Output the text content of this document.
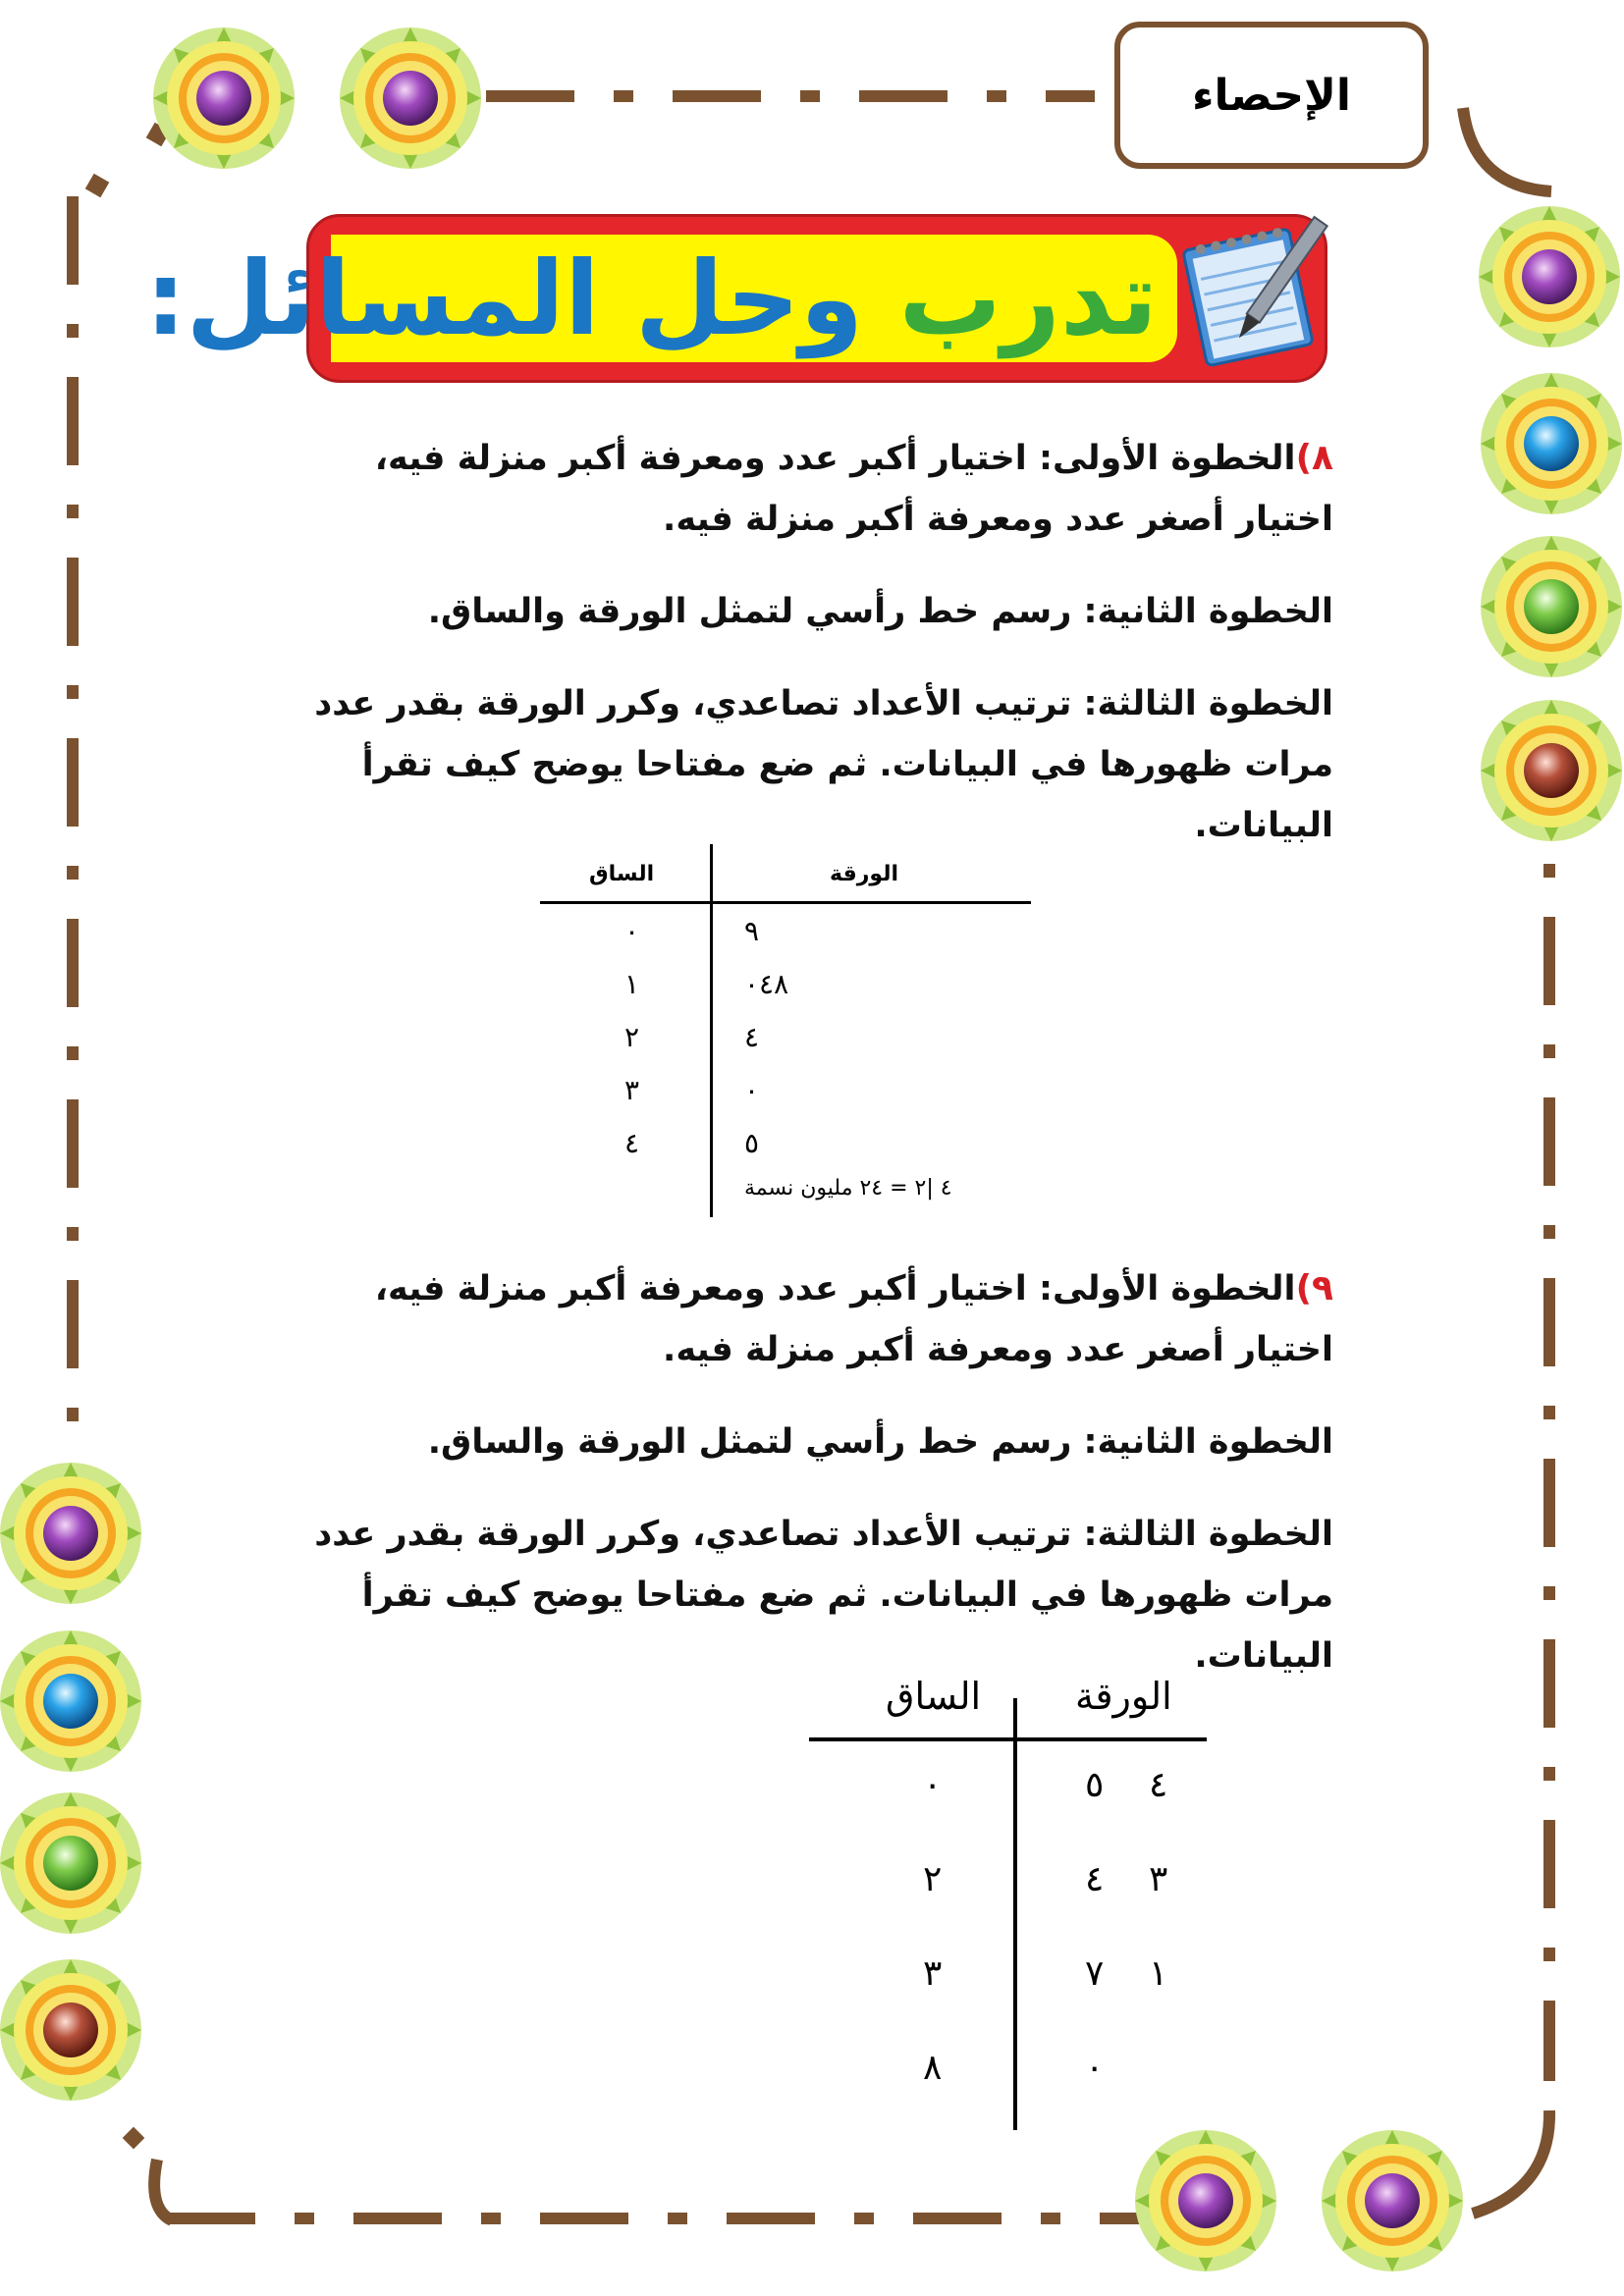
الإحصاء
تدرب وحل المسائل:
٨)الخطوة الأولى: اختيار أكبر عدد ومعرفة أكبر منزلة فيه، اختيار أصغر عدد ومعرفة أكبر منزلة فيه.
الخطوة الثانية: رسم خط رأسي لتمثل الورقة والساق.
الخطوة الثالثة: ترتيب الأعداد تصاعدي، وكرر الورقة بقدر عدد مرات ظهورها في البيانات. ثم ضع مفتاحا يوضح كيف تقرأ البيانات.
الساق	الورقة
٠	٩
١	٠٤٨
٢	٤
٣	٠
٤	٥
٤ |٢ = ٢٤ مليون نسمة
٩)الخطوة الأولى: اختيار أكبر عدد ومعرفة أكبر منزلة فيه، اختيار أصغر عدد ومعرفة أكبر منزلة فيه.
الخطوة الثانية: رسم خط رأسي لتمثل الورقة والساق.
الخطوة الثالثة: ترتيب الأعداد تصاعدي، وكرر الورقة بقدر عدد مرات ظهورها في البيانات. ثم ضع مفتاحا يوضح كيف تقرأ البيانات.
الساق	الورقة
٠	٥ ٤
٢	٤ ٣
٣	٧ ١
٨	٠
